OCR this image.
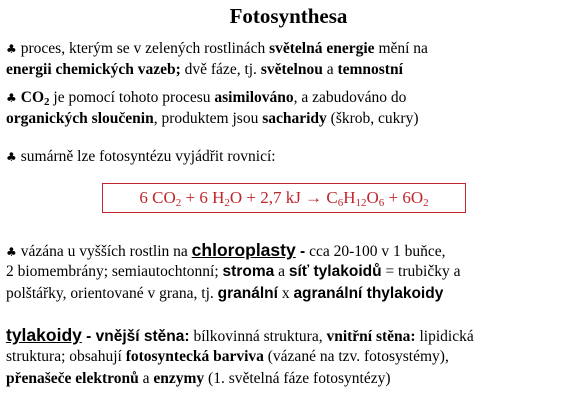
Fotosynthesa
♣ proces, kterým se v zelených rostlinách světelná energie mění na
energii chemických vazeb; dvě fáze, tj. světelnou a temnostní
♣ $CO_2$ je pomocí tohoto procesu asimilováno, a zabudováno do
organických sloučenin, produktem jsou sacharidy (škrob, cukry)
♣ sumárně lze fotosyntézu vyjádřit rovnicí:
6 $CO_2 + 6$ $H_2O + 2,7$ kJ → $C_6H_{12}O_6 + 6O_2$
♣ vázána u vyšších rostlin na chloroplasty - cca 20-100 v 1 buňce,
2 biomembrány; semiautochtonní; stroma a síť tylakoidů = trubičky a
polštářky, orientované v grana, tj. granální x agranální thylakoidy
tylakoidy - vnější stěna: bílkovinná struktura, vnitřní stěna: lipidická
struktura; obsahují fotosyntecká barviva (vázané na tzv. fotosystémy),
přenašeče elektronů a enzymy (1. světelná fáze fotosyntézy)
